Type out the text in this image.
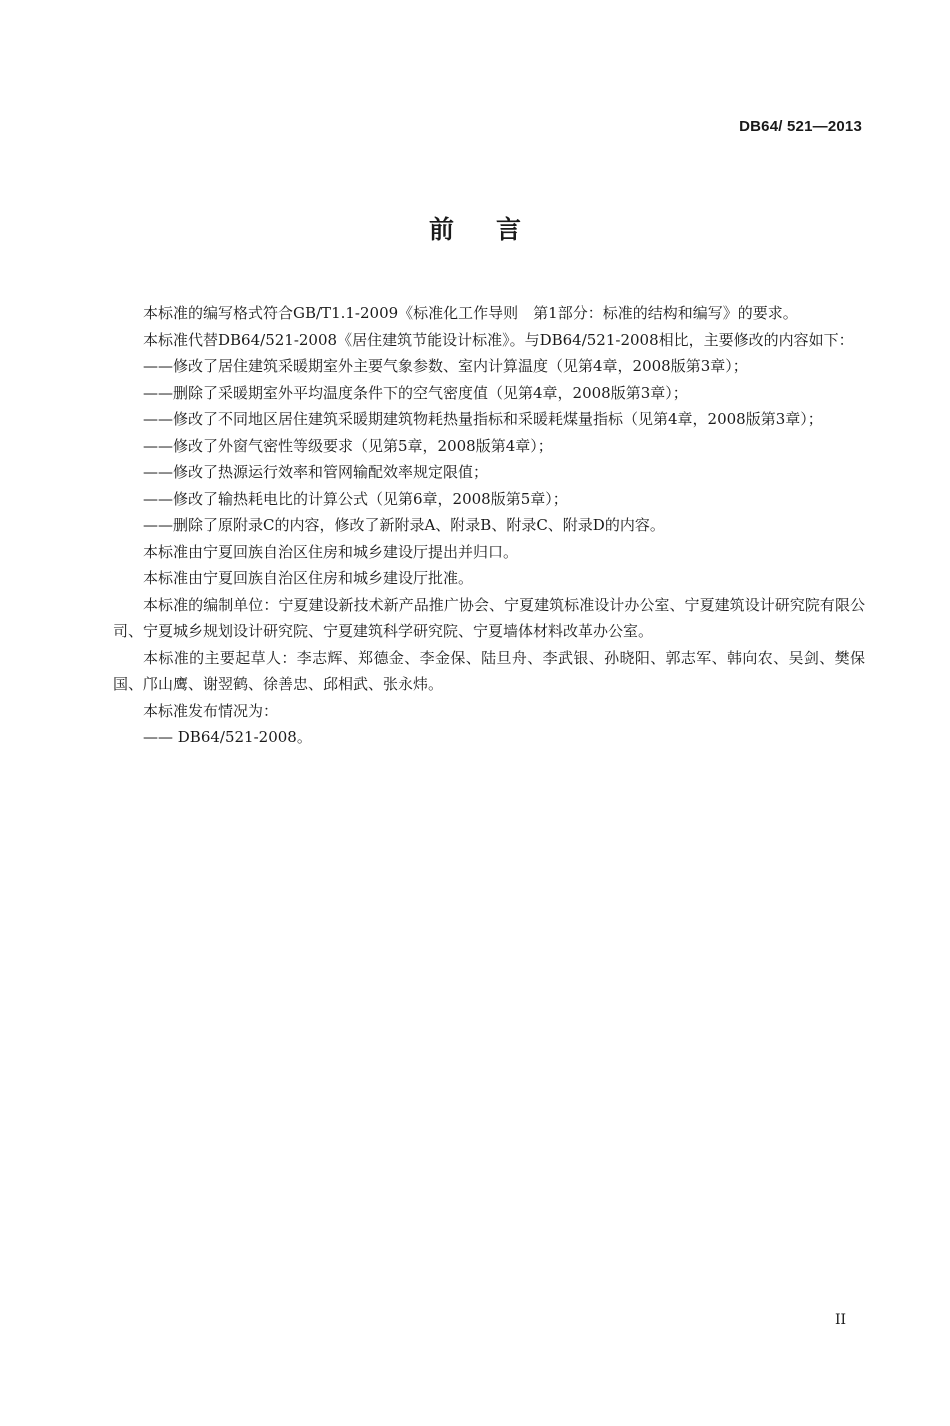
DB64/ 521—2013
前 言

本标准的编写格式符合GB/T1.1-2009《标准化工作导则　第1部分：标准的结构和编写》的要求。

本标准代替DB64/521-2008《居住建筑节能设计标准》。与DB64/521-2008相比，主要修改的内容如下：

——修改了居住建筑采暖期室外主要气象参数、室内计算温度（见第4章，2008版第3章）；

——删除了采暖期室外平均温度条件下的空气密度值（见第4章，2008版第3章）；

——修改了不同地区居住建筑采暖期建筑物耗热量指标和采暖耗煤量指标（见第4章，2008版第3章）；

——修改了外窗气密性等级要求（见第5章，2008版第4章）；

——修改了热源运行效率和管网输配效率规定限值；

——修改了输热耗电比的计算公式（见第6章，2008版第5章）；

——删除了原附录C的内容，修改了新附录A、附录B、附录C、附录D的内容。

本标准由宁夏回族自治区住房和城乡建设厅提出并归口。

本标准由宁夏回族自治区住房和城乡建设厅批准。

本标准的编制单位：宁夏建设新技术新产品推广协会、宁夏建筑标准设计办公室、宁夏建筑设计研究院有限公司、宁夏城乡规划设计研究院、宁夏建筑科学研究院、宁夏墙体材料改革办公室。

本标准的主要起草人：李志辉、郑德金、李金保、陆旦舟、李武银、孙晓阳、郭志军、韩向农、吴剑、樊保国、邝山鹰、谢翌鹤、徐善忠、邱相武、张永炜。

本标准发布情况为：

—— DB64/521-2008。

II
